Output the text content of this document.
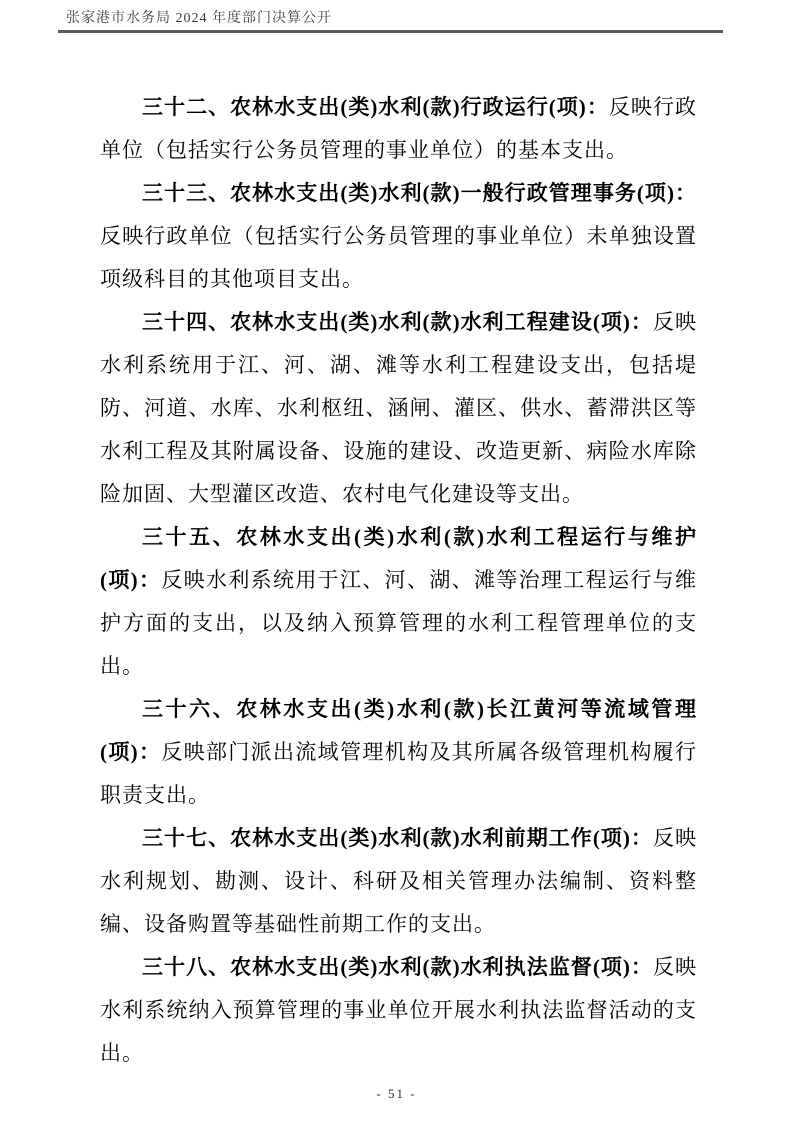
张家港市水务局 2024 年度部门决算公开

三十二、农林水支出(类)水利(款)行政运行(项)：反映行政单位（包括实行公务员管理的事业单位）的基本支出。

三十三、农林水支出(类)水利(款)一般行政管理事务(项)：反映行政单位（包括实行公务员管理的事业单位）未单独设置项级科目的其他项目支出。

三十四、农林水支出(类)水利(款)水利工程建设(项)：反映水利系统用于江、河、湖、滩等水利工程建设支出，包括堤防、河道、水库、水利枢纽、涵闸、灌区、供水、蓄滞洪区等水利工程及其附属设备、设施的建设、改造更新、病险水库除险加固、大型灌区改造、农村电气化建设等支出。

三十五、农林水支出(类)水利(款)水利工程运行与维护(项)：反映水利系统用于江、河、湖、滩等治理工程运行与维护方面的支出，以及纳入预算管理的水利工程管理单位的支出。

三十六、农林水支出(类)水利(款)长江黄河等流域管理(项)：反映部门派出流域管理机构及其所属各级管理机构履行职责支出。

三十七、农林水支出(类)水利(款)水利前期工作(项)：反映水利规划、勘测、设计、科研及相关管理办法编制、资料整编、设备购置等基础性前期工作的支出。

三十八、农林水支出(类)水利(款)水利执法监督(项)：反映水利系统纳入预算管理的事业单位开展水利执法监督活动的支出。

- 51 -
